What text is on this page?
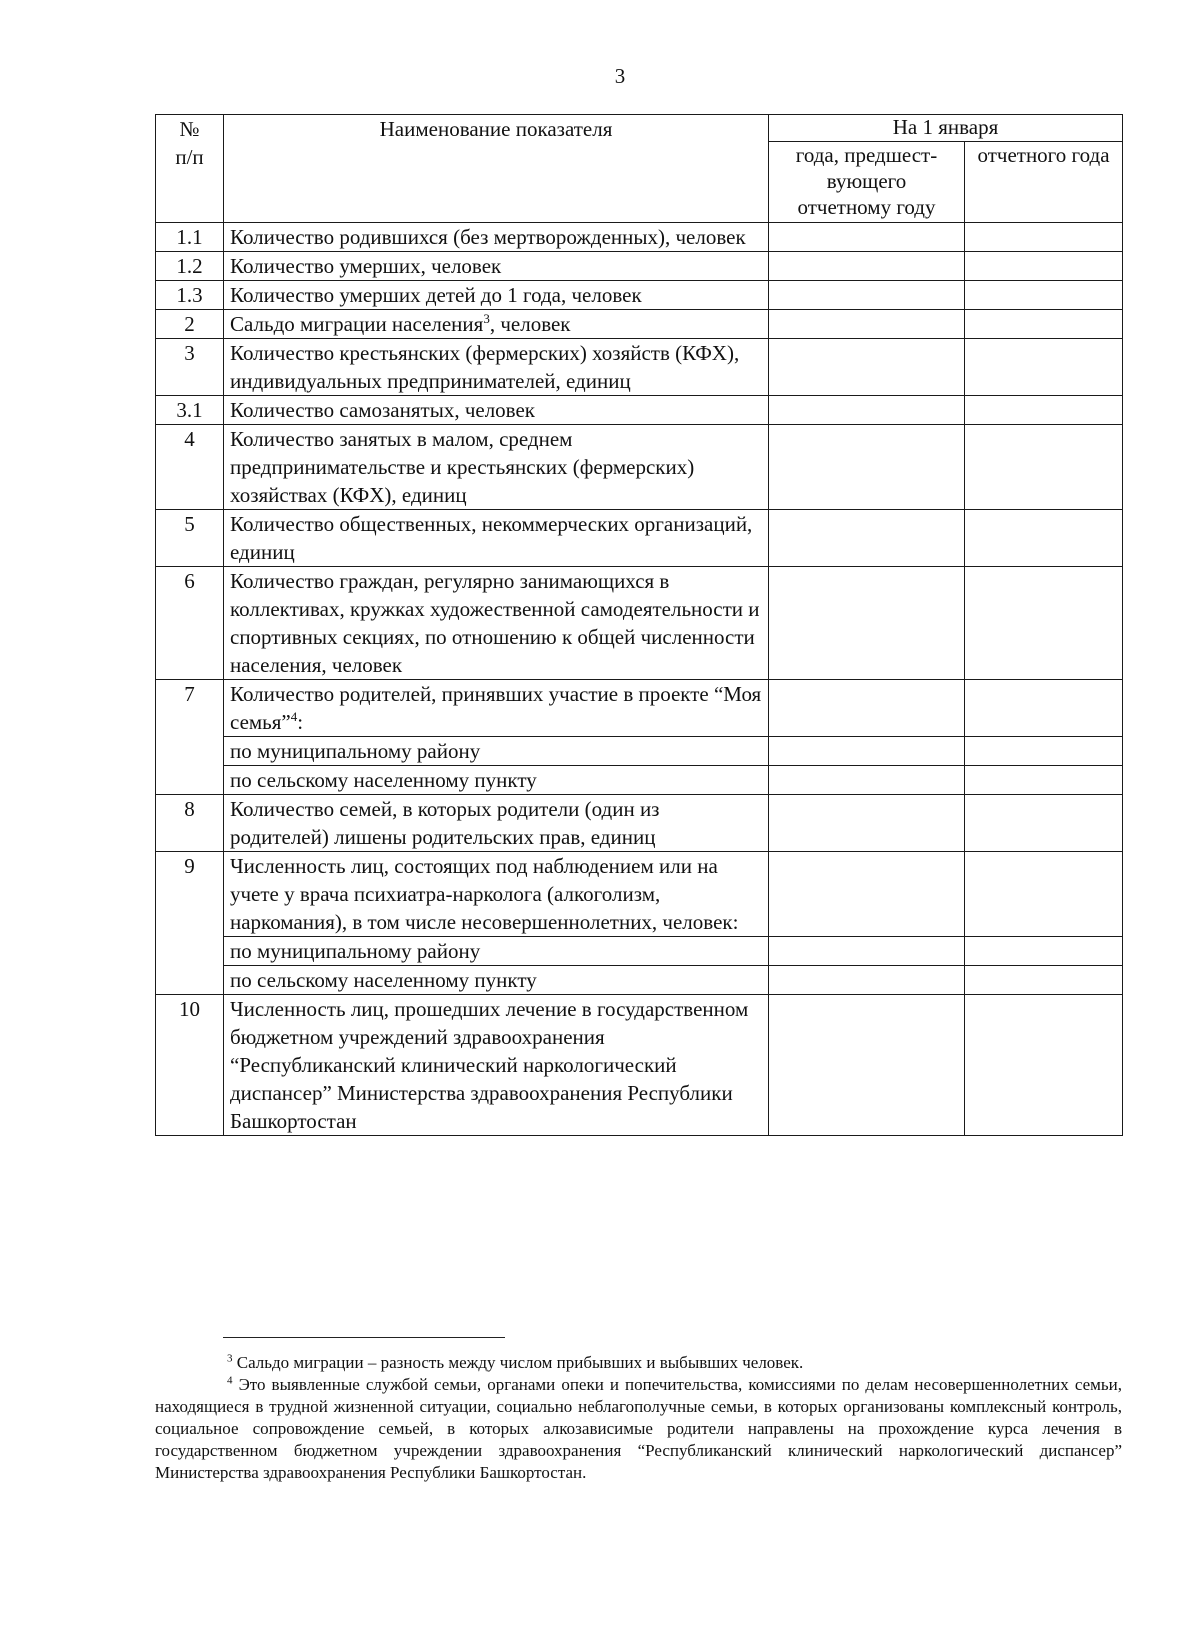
3
№ п/п	Наименование показателя	На 1 января	
		года, предшест-вующего отчетному году	отчетного года
1.1	Количество родившихся (без мертворожденных), человек		
1.2	Количество умерших, человек		
1.3	Количество умерших детей до 1 года, человек		
2	Сальдо миграции населения$^3$, человек		
3	Количество крестьянских (фермерских) хозяйств (КФХ), индивидуальных предпринимателей, единиц		
3.1	Количество самозанятых, человек		
4	Количество занятых в малом, среднем предпринимательстве и крестьянских (фермерских) хозяйствах (КФХ), единиц		
5	Количество общественных, некоммерческих организаций, единиц		
6	Количество граждан, регулярно занимающихся в коллективах, кружках художественной самодеятельности и спортивных секциях, по отношению к общей численности населения, человек		
7	Количество родителей, принявших участие в проекте “Моя семья”$^4$:		
	по муниципальному району		
	по сельскому населенному пункту		
8	Количество семей, в которых родители (один из родителей) лишены родительских прав, единиц		
9	Численность лиц, состоящих под наблюдением или на учете у врача психиатра-нарколога (алкоголизм, наркомания), в том числе несовершеннолетних, человек:		
	по муниципальному району		
	по сельскому населенному пункту		
10	Численность лиц, прошедших лечение в государственном бюджетном учреждений здравоохранения “Республиканский клинический наркологический диспансер” Министерства здравоохранения Республики Башкортостан		

$^3$ Сальдо миграции – разность между числом прибывших и выбывших человек.

$^4$ Это выявленные службой семьи, органами опеки и попечительства, комиссиями по делам несовершеннолетних семьи, находящиеся в трудной жизненной ситуации, социально неблагополучные семьи, в которых организованы комплексный контроль, социальное сопровождение семьей, в которых алкозависимые родители направлены на прохождение курса лечения в государственном бюджетном учреждении здравоохранения “Республиканский клинический наркологический диспансер” Министерства здравоохранения Республики Башкортостан.
